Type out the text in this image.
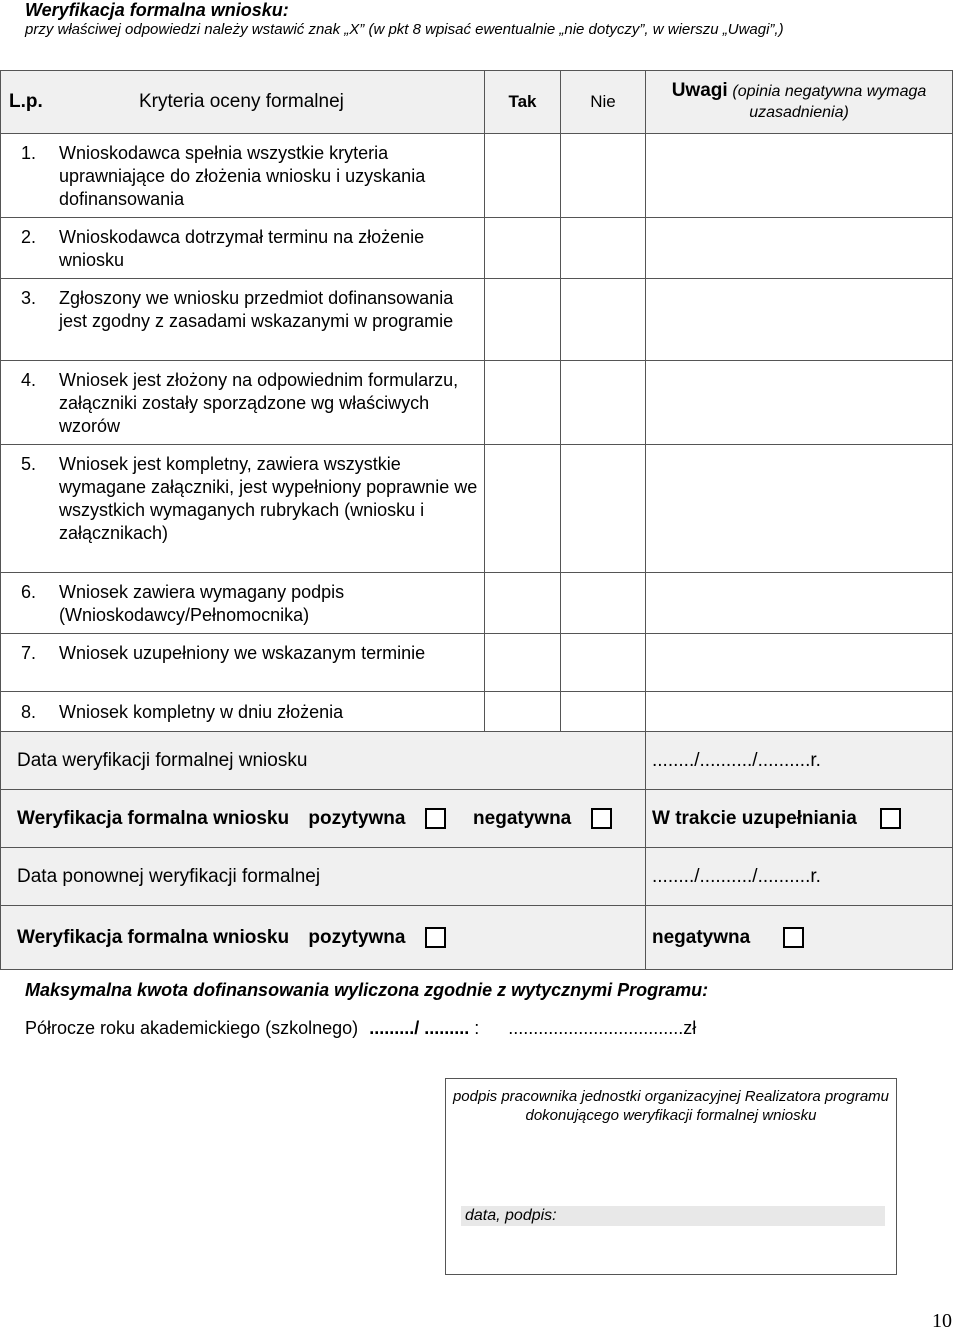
Weryfikacja formalna wniosku:
przy właściwej odpowiedzi należy wstawić znak „X” (w pkt 8 wpisać ewentualnie „nie dotyczy”, w wierszu „Uwagi”,)
L.p. Kryteria oceny formalnej	Tak	Nie	Uwagi (opinia negatywna wymaga uzasadnienia)

1. Wnioskodawca spełnia wszystkie kryteria uprawniające do złożenia wniosku i uzyskania dofinansowania			

2. Wnioskodawca dotrzymał terminu na złożenie wniosku			

3. Zgłoszony we wniosku przedmiot dofinansowania jest zgodny z zasadami wskazanymi w programie			

4. Wniosek jest złożony na odpowiednim formularzu, załączniki zostały sporządzone wg właściwych wzorów			

5. Wniosek jest kompletny, zawiera wszystkie wymagane załączniki, jest wypełniony poprawnie we wszystkich wymaganych rubrykach (wniosku i załącznikach)			

6. Wniosek zawiera wymagany podpis (Wnioskodawcy/Pełnomocnika)			

7. Wniosek uzupełniony we wskazanym terminie			

8. Wniosek kompletny w dniu złożenia			

Data weryfikacji formalnej wniosku			......../........../..........r.
Weryfikacja formalna wniosku pozytywna negatywna			W trakcie uzupełniania
Data ponownej weryfikacji formalnej			......../........../..........r.
Weryfikacja formalna wniosku pozytywna			negatywna
Maksymalna kwota dofinansowania wyliczona zgodnie z wytycznymi Programu:
Półrocze roku akademickiego (szkolnego) ........./ ......... : ...................................zł
podpis pracownika jednostki organizacyjnej Realizatora programu dokonującego weryfikacji formalnej wniosku
data, podpis:
10
